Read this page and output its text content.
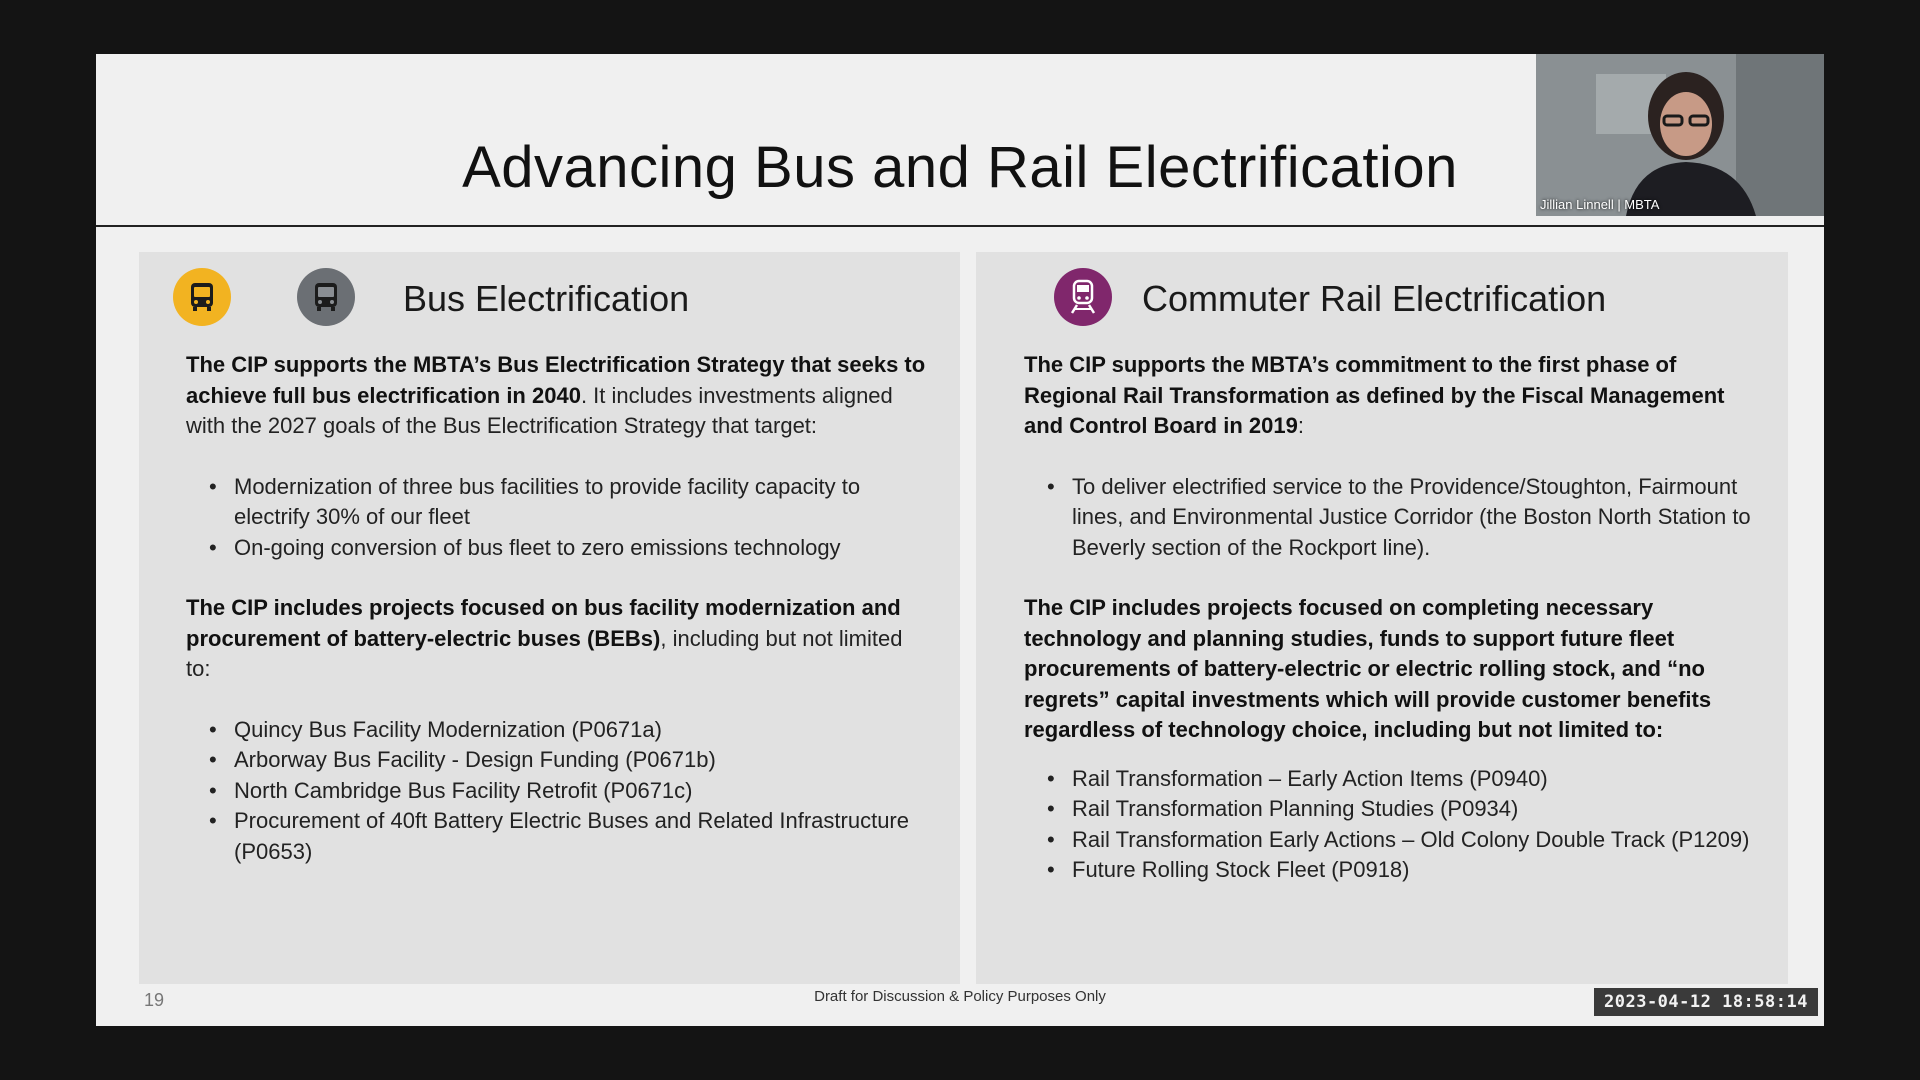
Advancing Bus and Rail Electrification
Bus Electrification

The CIP supports the MBTA’s Bus Electrification Strategy that seeks to achieve full bus electrification in 2040. It includes investments aligned with the 2027 goals of the Bus Electrification Strategy that target:

• Modernization of three bus facilities to provide facility capacity to electrify 30% of our fleet
• On-going conversion of bus fleet to zero emissions technology

The CIP includes projects focused on bus facility modernization and procurement of battery-electric buses (BEBs), including but not limited to:

• Quincy Bus Facility Modernization (P0671a)
• Arborway Bus Facility - Design Funding (P0671b)
• North Cambridge Bus Facility Retrofit (P0671c)
• Procurement of 40ft Battery Electric Buses and Related Infrastructure (P0653)
Commuter Rail Electrification

The CIP supports the MBTA’s commitment to the first phase of Regional Rail Transformation as defined by the Fiscal Management and Control Board in 2019:

• To deliver electrified service to the Providence/Stoughton, Fairmount lines, and Environmental Justice Corridor (the Boston North Station to Beverly section of the Rockport line).

The CIP includes projects focused on completing necessary technology and planning studies, funds to support future fleet procurements of battery-electric or electric rolling stock, and “no regrets” capital investments which will provide customer benefits regardless of technology choice, including but not limited to:

• Rail Transformation – Early Action Items (P0940)
• Rail Transformation Planning Studies (P0934)
• Rail Transformation Early Actions – Old Colony Double Track (P1209)
• Future Rolling Stock Fleet (P0918)
19	Draft for Discussion & Policy Purposes Only	2023-04-12 18:58:14
Jillian Linnell | MBTA
